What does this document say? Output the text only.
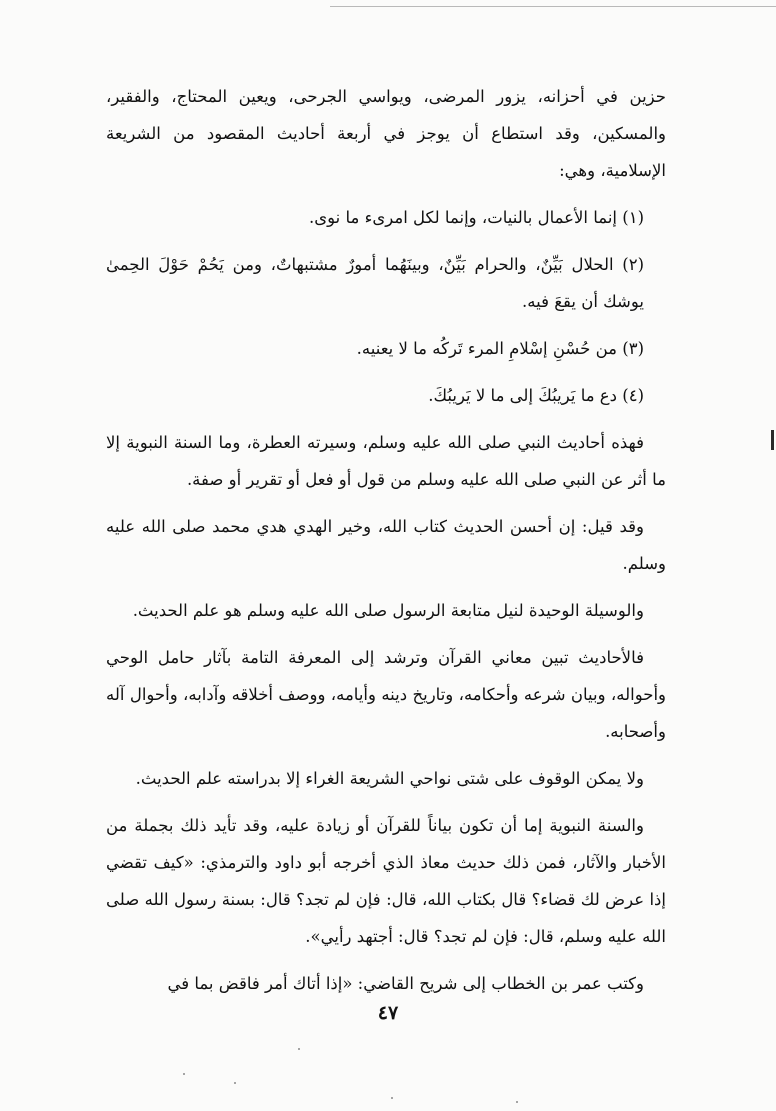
حزين في أحزانه، يزور المرضى، ويواسي الجرحى، ويعين المحتاج، والفقير، والمسكين، وقد استطاع أن يوجز في أربعة أحاديث المقصود من الشريعة الإسلامية، وهي:

(١) إنما الأعمال بالنيات، وإنما لكل امرىء ما نوى.

(٢) الحلال بَيِّنٌ، والحرام بَيِّنٌ، وبينَهُما أمورٌ مشتبهاتٌ، ومن يَحُمْ حَوْلَ الحِمىٰ يوشك أن يقعَ فيه.

(٣) من حُسْنِ إسْلامِ المرء تَركُه ما لا يعنيه.

(٤) دع ما يَريبُكَ إلى ما لا يَريبُكَ.

فهذه أحاديث النبي صلى الله عليه وسلم، وسيرته العطرة، وما السنة النبوية إلا ما أثر عن النبي صلى الله عليه وسلم من قول أو فعل أو تقرير أو صفة.

وقد قيل: إن أحسن الحديث كتاب الله، وخير الهدي هدي محمد صلى الله عليه وسلم.

والوسيلة الوحيدة لنيل متابعة الرسول صلى الله عليه وسلم هو علم الحديث.

فالأحاديث تبين معاني القرآن وترشد إلى المعرفة التامة بآثار حامل الوحي وأحواله، وبيان شرعه وأحكامه، وتاريخ دينه وأيامه، ووصف أخلاقه وآدابه، وأحوال آله وأصحابه.

ولا يمكن الوقوف على شتى نواحي الشريعة الغراء إلا بدراسته علم الحديث.

والسنة النبوية إما أن تكون بياناً للقرآن أو زيادة عليه، وقد تأيد ذلك بجملة من الأخبار والآثار، فمن ذلك حديث معاذ الذي أخرجه أبو داود والترمذي: «كيف تقضي إذا عرض لك قضاء؟ قال بكتاب الله، قال: فإن لم تجد؟ قال: بسنة رسول الله صلى الله عليه وسلم، قال: فإن لم تجد؟ قال: أجتهد رأيي».

وكتب عمر بن الخطاب إلى شريح القاضي: «إذا أتاك أمر فاقض بما في

٤٧
